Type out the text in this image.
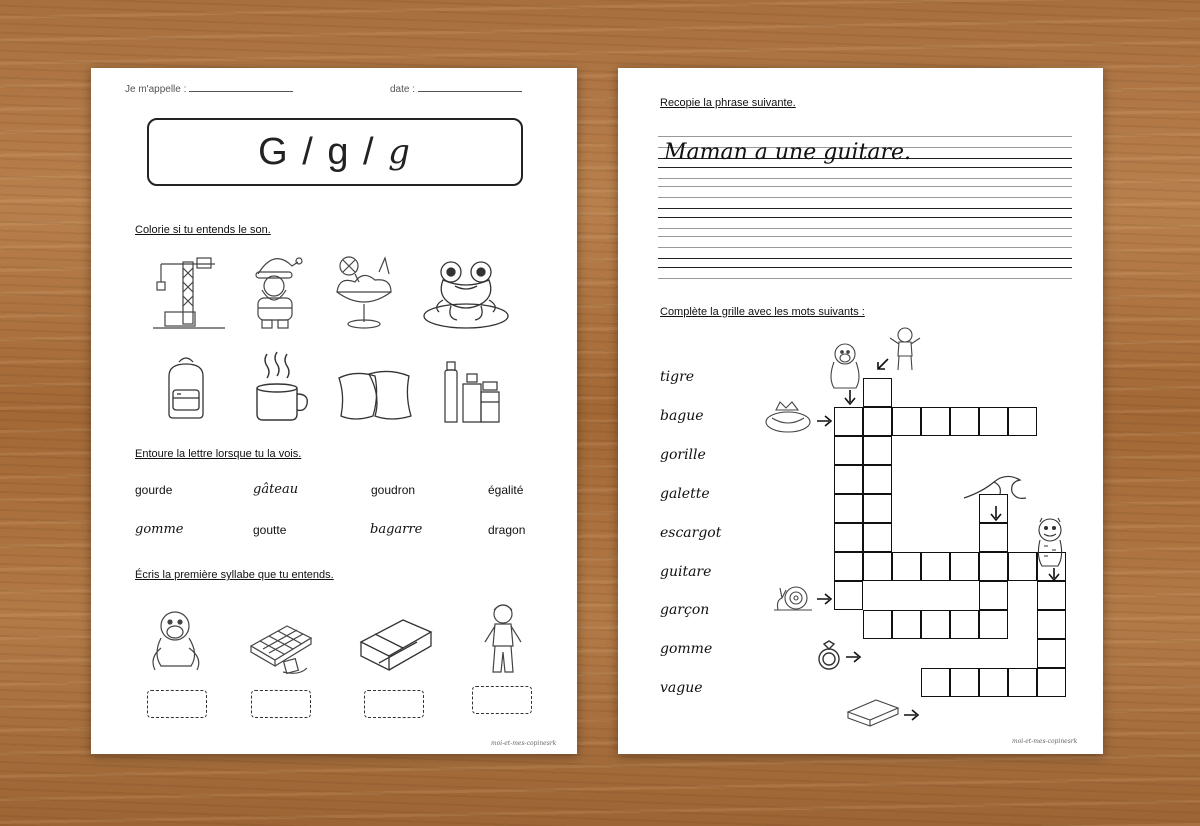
Je m'appelle :	date :
G / g /
g
Colorie si tu entends le son.
Entoure la lettre lorsque tu la vois.
gourde	gâteau	goudron	égalité
gomme	goutte	bagarre	dragon
Écris la première syllabe que tu entends.
moi-et-mes-copinesrk
Recopie la phrase suivante.
Maman a une guitare.
Complète la grille avec les mots suivants :
tigre
bague
gorille
galette
escargot
guitare
garçon
gomme
vague
moi-et-mes-copinesrk
